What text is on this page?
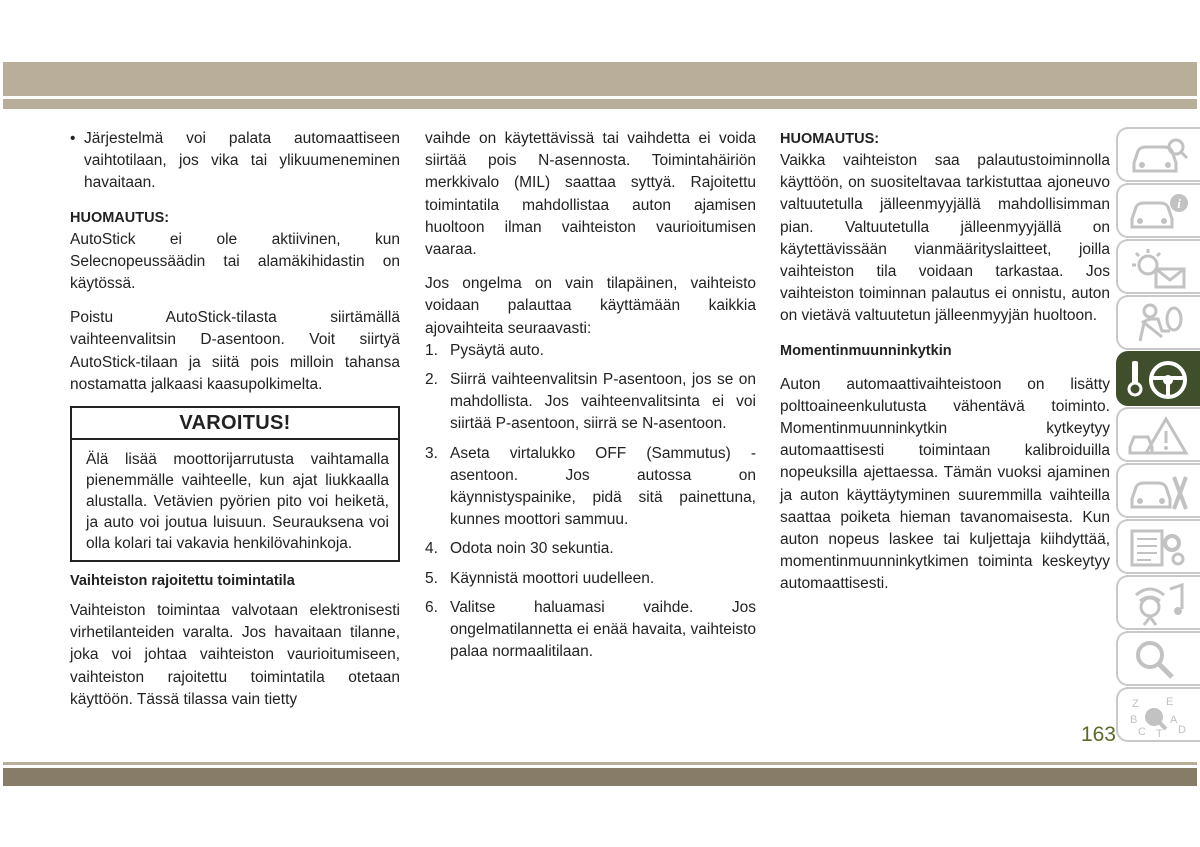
• Järjestelmä voi palata automaattiseen vaihtotilaan, jos vika tai ylikuumeneminen havaitaan.

HUOMAUTUS:

AutoStick ei ole aktiivinen, kun Selecnopeussäädin tai alamäkihidastin on käytössä.

Poistu AutoStick-tilasta siirtämällä vaihteenvalitsin D-asentoon. Voit siirtyä AutoStick-tilaan ja siitä pois milloin tahansa nostamatta jalkaasi kaasupolkimelta.

VAROITUS!
Älä lisää moottorijarrutusta vaihtamalla pienemmälle vaihteelle, kun ajat liukkaalla alustalla. Vetävien pyörien pito voi heiketä, ja auto voi joutua luisuun. Seurauksena voi olla kolari tai vakavia henkilövahinkoja.

Vaihteiston rajoitettu toimintatila

Vaihteiston toimintaa valvotaan elektronisesti virhetilanteiden varalta. Jos havaitaan tilanne, joka voi johtaa vaihteiston vaurioitumiseen, vaihteiston rajoitettu toimintatila otetaan käyttöön. Tässä tilassa vain tietty

vaihde on käytettävissä tai vaihdetta ei voida siirtää pois N-asennosta. Toimintahäiriön merkkivalo (MIL) saattaa syttyä. Rajoitettu toimintatila mahdollistaa auton ajamisen huoltoon ilman vaihteiston vaurioitumisen vaaraa.

Jos ongelma on vain tilapäinen, vaihteisto voidaan palauttaa käyttämään kaikkia ajovaihteita seuraavasti:

1. Pysäytä auto.
2. Siirrä vaihteenvalitsin P-asentoon, jos se on mahdollista. Jos vaihteenvalitsinta ei voi siirtää P-asentoon, siirrä se N-asentoon.
3. Aseta virtalukko OFF (Sammutus) -asentoon. Jos autossa on käynnistyspainike, pidä sitä painettuna, kunnes moottori sammuu.
4. Odota noin 30 sekuntia.
5. Käynnistä moottori uudelleen.
6. Valitse haluamasi vaihde. Jos ongelmatilannetta ei enää havaita, vaihteisto palaa normaalitilaan.

HUOMAUTUS:

Vaikka vaihteiston saa palautustoiminnolla käyttöön, on suositeltavaa tarkistuttaa ajoneuvo valtuutetulla jälleenmyyjällä mahdollisimman pian. Valtuutetulla jälleenmyyjällä on käytettävissään vianmäärityslaitteet, joilla vaihteiston tila voidaan tarkastaa. Jos vaihteiston toiminnan palautus ei onnistu, auton on vietävä valtuutetun jälleenmyyjän huoltoon.

Momentinmuunninkytkin

Auton automaattivaihteistoon on lisätty polttoaineenkulutusta vähentävä toiminto. Momentinmuunninkytkin kytkeytyy automaattisesti toimintaan kalibroiduilla nopeuksilla ajettaessa. Tämän vuoksi ajaminen ja auton käyttäytyminen suuremmilla vaihteilla saattaa poiketa hieman tavanomaisesta. Kun auton nopeus laskee tai kuljettaja kiihdyttää, momentinmuunninkytkimen toiminta keskeytyy automaattisesti.

i
Z E
B
C
A
D
T
163
